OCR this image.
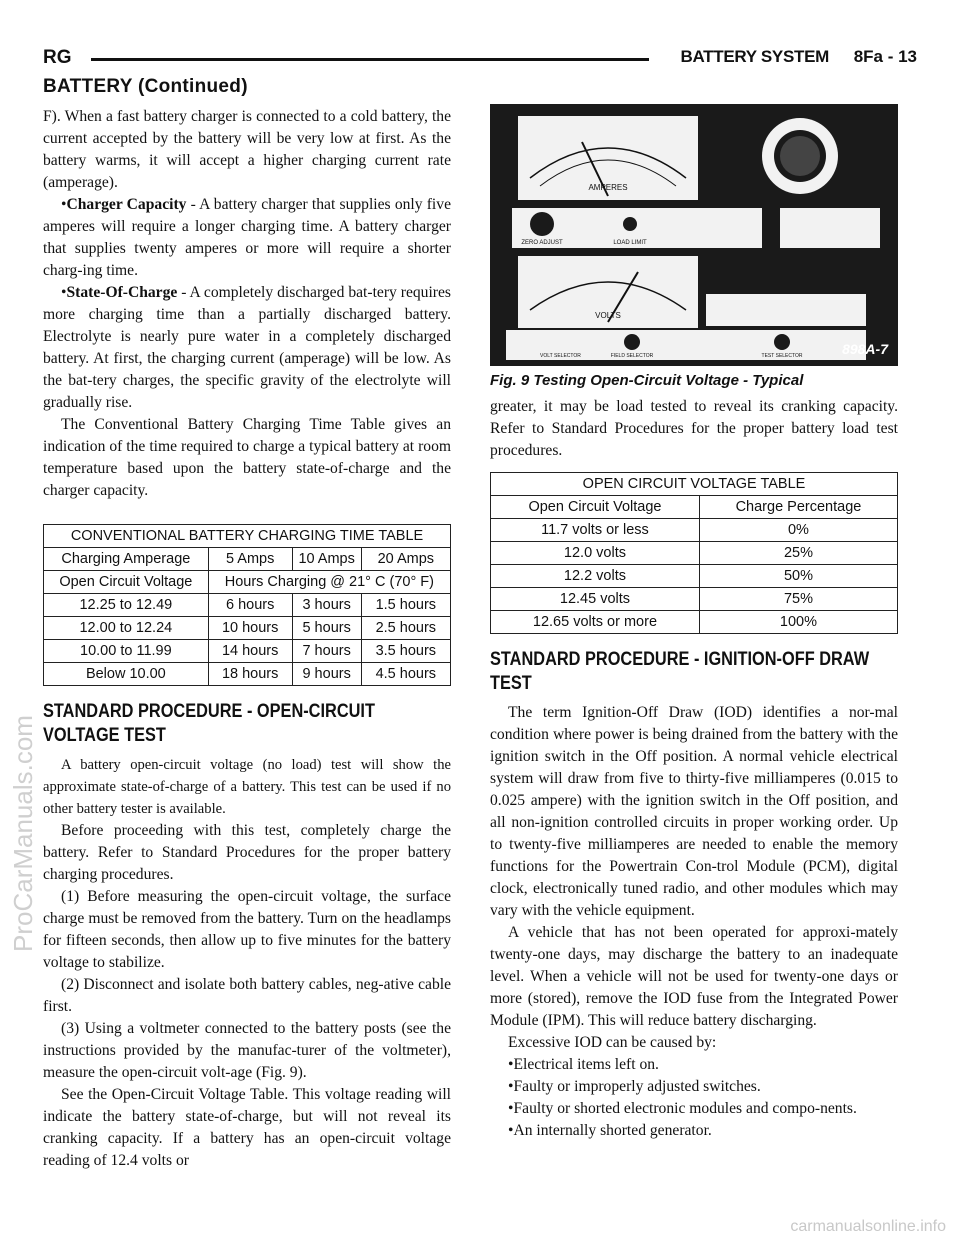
RG	BATTERY SYSTEM 8Fa - 13
BATTERY (Continued)

F). When a fast battery charger is connected to a cold battery, the current accepted by the battery will be very low at first. As the battery warms, it will accept a higher charging current rate (amperage).

•Charger Capacity - A battery charger that supplies only five amperes will require a longer charging time. A battery charger that supplies twenty amperes or more will require a shorter charg-ing time.

•State-Of-Charge - A completely discharged bat-tery requires more charging time than a partially discharged battery. Electrolyte is nearly pure water in a completely discharged battery. At first, the charging current (amperage) will be low. As the bat-tery charges, the specific gravity of the electrolyte will gradually rise.

The Conventional Battery Charging Time Table gives an indication of the time required to charge a typical battery at room temperature based upon the battery state-of-charge and the charger capacity.

CONVENTIONAL BATTERY CHARGING TIME TABLE			
Charging Amperage	5 Amps	10 Amps	20 Amps
Open Circuit Voltage	Hours Charging @ 21° C (70° F)		
12.25 to 12.49	6 hours	3 hours	1.5 hours
12.00 to 12.24	10 hours	5 hours	2.5 hours
10.00 to 11.99	14 hours	7 hours	3.5 hours
Below 10.00	18 hours	9 hours	4.5 hours
STANDARD PROCEDURE - OPEN-CIRCUIT VOLTAGE TEST

A battery open-circuit voltage (no load) test will show the approximate state-of-charge of a battery. This test can be used if no other battery tester is available.

Before proceeding with this test, completely charge the battery. Refer to Standard Procedures for the proper battery charging procedures.

(1) Before measuring the open-circuit voltage, the surface charge must be removed from the battery. Turn on the headlamps for fifteen seconds, then allow up to five minutes for the battery voltage to stabilize.

(2) Disconnect and isolate both battery cables, neg-ative cable first.

(3) Using a voltmeter connected to the battery posts (see the instructions provided by the manufac-turer of the voltmeter), measure the open-circuit volt-age (Fig. 9).

See the Open-Circuit Voltage Table. This voltage reading will indicate the battery state-of-charge, but will not reveal its cranking capacity. If a battery has an open-circuit voltage reading of 12.4 volts or

AMPERES
ZERO ADJUST	LOAD LIMIT
VOLTS
VOLT SELECTOR	FIELD SELECTOR	TEST SELECTOR	898A-7
Fig. 9 Testing Open-Circuit Voltage - Typical

greater, it may be load tested to reveal its cranking capacity. Refer to Standard Procedures for the proper battery load test procedures.

OPEN CIRCUIT VOLTAGE TABLE	
Open Circuit Voltage	Charge Percentage
11.7 volts or less	0%
12.0 volts	25%
12.2 volts	50%
12.45 volts	75%
12.65 volts or more	100%
STANDARD PROCEDURE - IGNITION-OFF DRAW TEST

The term Ignition-Off Draw (IOD) identifies a nor-mal condition where power is being drained from the battery with the ignition switch in the Off position. A normal vehicle electrical system will draw from five to thirty-five milliamperes (0.015 to 0.025 ampere) with the ignition switch in the Off position, and all non-ignition controlled circuits in proper working order. Up to twenty-five milliamperes are needed to enable the memory functions for the Powertrain Con-trol Module (PCM), digital clock, electronically tuned radio, and other modules which may vary with the vehicle equipment.

A vehicle that has not been operated for approxi-mately twenty-one days, may discharge the battery to an inadequate level. When a vehicle will not be used for twenty-one days or more (stored), remove the IOD fuse from the Integrated Power Module (IPM). This will reduce battery discharging.

Excessive IOD can be caused by:

•Electrical items left on.

•Faulty or improperly adjusted switches.

•Faulty or shorted electronic modules and compo-nents.

•An internally shorted generator.

ProCarManuals.com
carmanualsonline.info
